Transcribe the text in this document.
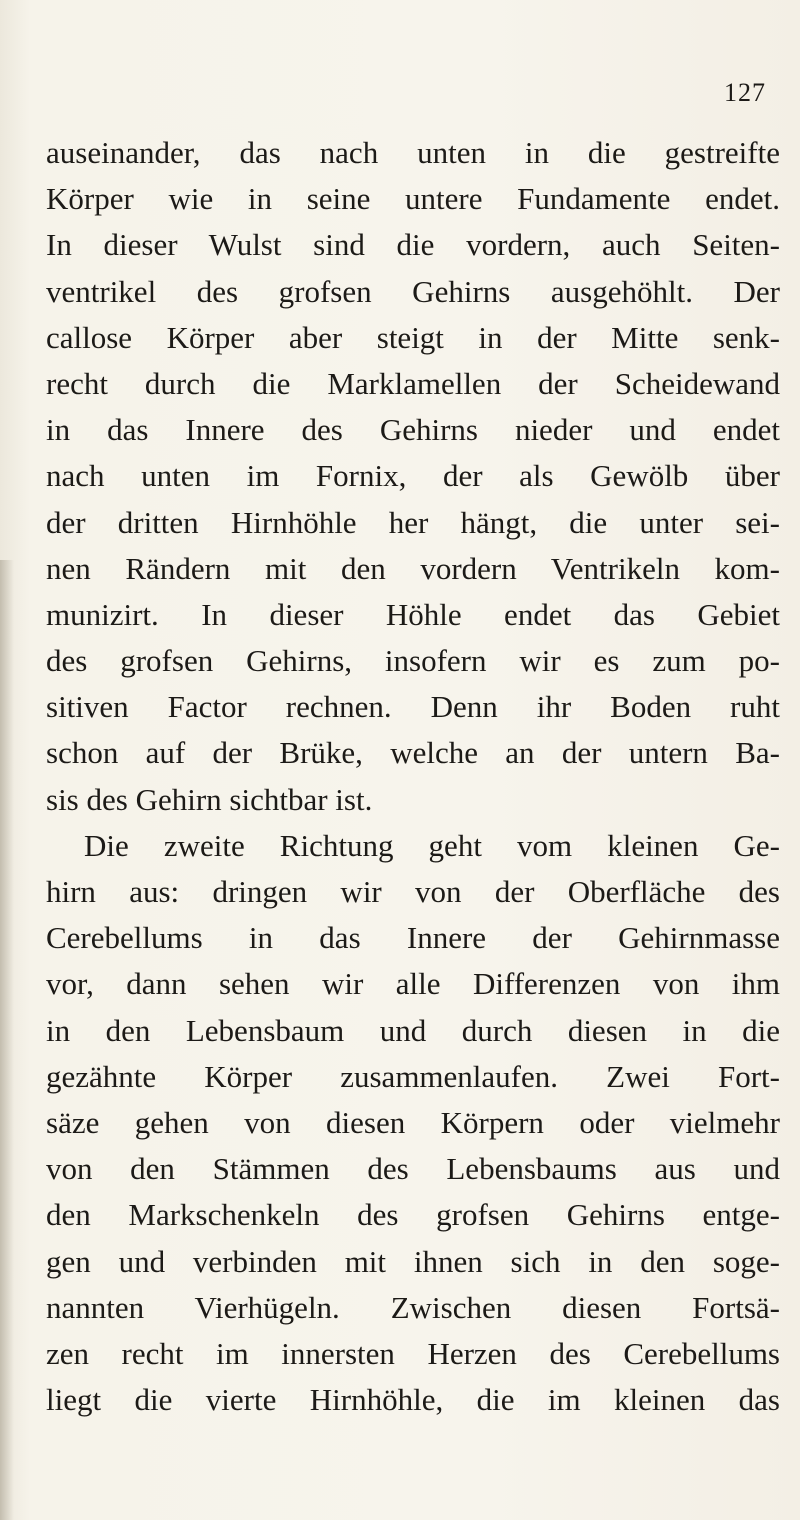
127
auseinander, das nach unten in die gestreifte
Körper wie in seine untere Fundamente endet.
In dieser Wulst sind die vordern, auch Seiten-
ventrikel des grofsen Gehirns ausgehöhlt. Der
callose Körper aber steigt in der Mitte senk-
recht durch die Marklamellen der Scheidewand
in das Innere des Gehirns nieder und endet
nach unten im Fornix, der als Gewölb über
der dritten Hirnhöhle her hängt, die unter sei-
nen Rändern mit den vordern Ventrikeln kom-
munizirt. In dieser Höhle endet das Gebiet
des grofsen Gehirns, insofern wir es zum po-
sitiven Factor rechnen. Denn ihr Boden ruht
schon auf der Brüke, welche an der untern Ba-
sis des Gehirn sichtbar ist.
Die zweite Richtung geht vom kleinen Ge-
hirn aus: dringen wir von der Oberfläche des
Cerebellums in das Innere der Gehirnmasse
vor, dann sehen wir alle Differenzen von ihm
in den Lebensbaum und durch diesen in die
gezähnte Körper zusammenlaufen. Zwei Fort-
säze gehen von diesen Körpern oder vielmehr
von den Stämmen des Lebensbaums aus und
den Markschenkeln des grofsen Gehirns entge-
gen und verbinden mit ihnen sich in den soge-
nannten Vierhügeln. Zwischen diesen Fortsä-
zen recht im innersten Herzen des Cerebellums
liegt die vierte Hirnhöhle, die im kleinen das
